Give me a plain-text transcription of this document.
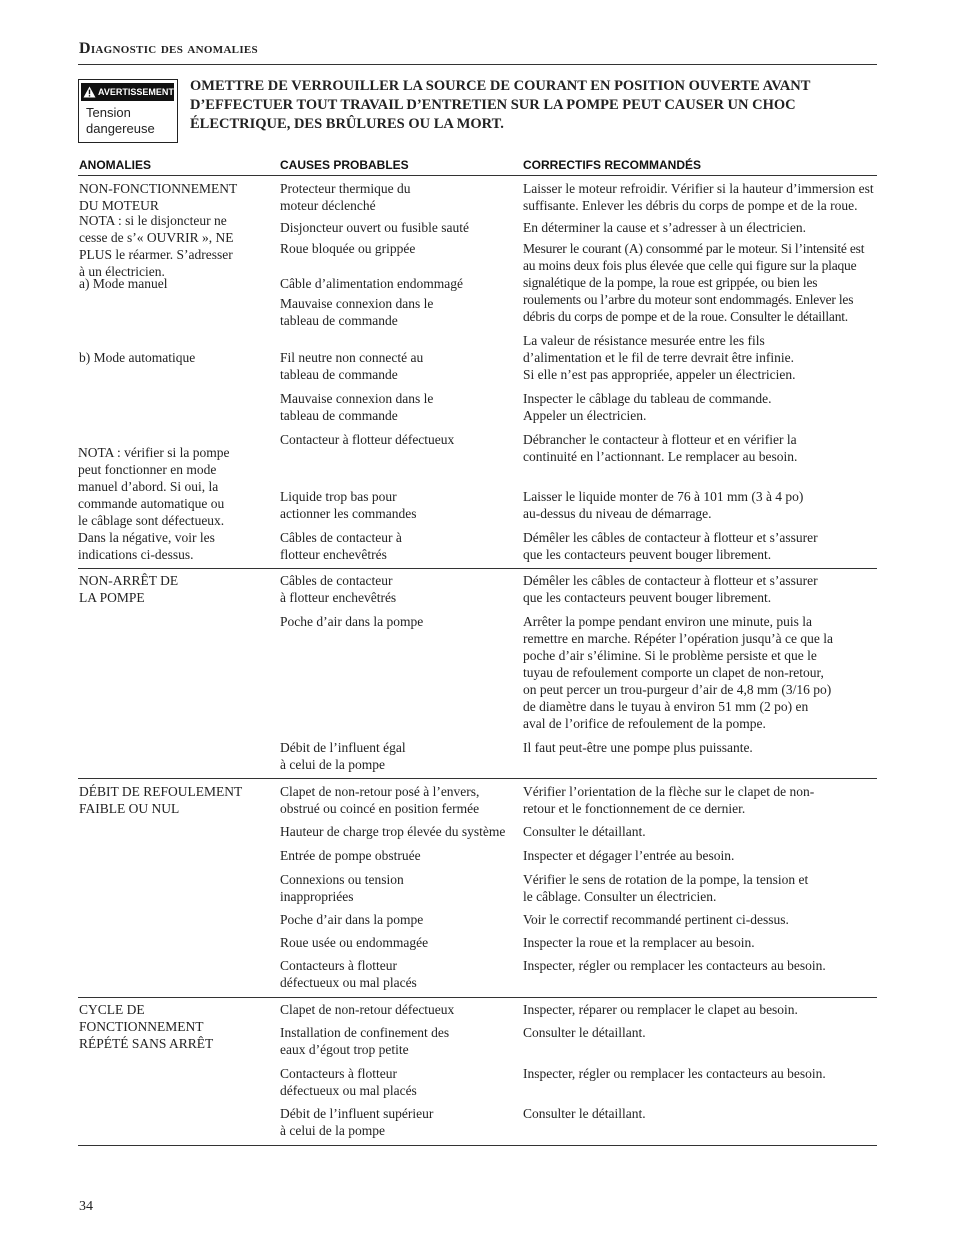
Diagnostic des anomalies
AVERTISSEMENT
Tension
dangereuse
OMETTRE DE VERROUILLER LA SOURCE DE COURANT EN POSITION OUVERTE AVANT D’EFFECTUER TOUT TRAVAIL D’ENTRETIEN SUR LA POMPE PEUT CAUSER UN CHOC ÉLECTRIQUE, DES BRÛLURES OU LA MORT.
ANOMALIES	CAUSES PROBABLES	CORRECTIFS RECOMMANDÉS
NON-FONCTIONNEMENT
DU MOTEUR
NOTA : si le disjoncteur ne
cesse de s’« OUVRIR », NE
PLUS le réarmer. S’adresser
à un électricien.
a) Mode manuel
b) Mode automatique
NOTA : vérifier si la pompe
peut fonctionner en mode
manuel d’abord. Si oui, la
commande automatique ou
le câblage sont défectueux.
Dans la négative, voir les
indications ci-dessus.
NON-ARRÊT DE
LA POMPE
DÉBIT DE REFOULEMENT
FAIBLE OU NUL
CYCLE DE
FONCTIONNEMENT
RÉPÉTÉ SANS ARRÊT
Protecteur thermique du
moteur déclenché
Disjoncteur ouvert ou fusible sauté
Roue bloquée ou grippée
Câble d’alimentation endommagé
Mauvaise connexion dans le
tableau de commande
Fil neutre non connecté au
tableau de commande
Mauvaise connexion dans le
tableau de commande
Contacteur à flotteur défectueux
Liquide trop bas pour
actionner les commandes
Câbles de contacteur à
flotteur enchevêtrés
Câbles de contacteur
à flotteur enchevêtrés
Poche d’air dans la pompe
Débit de l’influent égal
à celui de la pompe
Clapet de non-retour posé à l’envers,
obstrué ou coincé en position fermée
Hauteur de charge trop élevée du système
Entrée de pompe obstruée
Connexions ou tension
inappropriées
Poche d’air dans la pompe
Roue usée ou endommagée
Contacteurs à flotteur
défectueux ou mal placés
Clapet de non-retour défectueux
Installation de confinement des
eaux d’égout trop petite
Contacteurs à flotteur
défectueux ou mal placés
Débit de l’influent supérieur
à celui de la pompe
Laisser le moteur refroidir. Vérifier si la hauteur d’immersion est
suffisante. Enlever les débris du corps de pompe et de la roue.
En déterminer la cause et s’adresser à un électricien.
Mesurer le courant (A) consommé par le moteur. Si l’intensité est
au moins deux fois plus élevée que celle qui figure sur la plaque
signalétique de la pompe, la roue est grippée, ou bien les
roulements ou l’arbre du moteur sont endommagés. Enlever les
débris du corps de pompe et de la roue. Consulter le détaillant.
La valeur de résistance mesurée entre les fils
d’alimentation et le fil de terre devrait être infinie.
Si elle n’est pas appropriée, appeler un électricien.
Inspecter le câblage du tableau de commande.
Appeler un électricien.
Débrancher le contacteur à flotteur et en vérifier la
continuité en l’actionnant. Le remplacer au besoin.
Laisser le liquide monter de 76 à 101 mm (3 à 4 po)
au-dessus du niveau de démarrage.
Démêler les câbles de contacteur à flotteur et s’assurer
que les contacteurs peuvent bouger librement.
Démêler les câbles de contacteur à flotteur et s’assurer
que les contacteurs peuvent bouger librement.
Arrêter la pompe pendant environ une minute, puis la
remettre en marche. Répéter l’opération jusqu’à ce que la
poche d’air s’élimine. Si le problème persiste et que le
tuyau de refoulement comporte un clapet de non-retour,
on peut percer un trou-purgeur d’air de 4,8 mm (3/16 po)
de diamètre dans le tuyau à environ 51 mm (2 po) en
aval de l’orifice de refoulement de la pompe.
Il faut peut-être une pompe plus puissante.
Vérifier l’orientation de la flèche sur le clapet de non-
retour et le fonctionnement de ce dernier.
Consulter le détaillant.
Inspecter et dégager l’entrée au besoin.
Vérifier le sens de rotation de la pompe, la tension et
le câblage. Consulter un électricien.
Voir le correctif recommandé pertinent ci-dessus.
Inspecter la roue et la remplacer au besoin.
Inspecter, régler ou remplacer les contacteurs au besoin.
Inspecter, réparer ou remplacer le clapet au besoin.
Consulter le détaillant.
Inspecter, régler ou remplacer les contacteurs au besoin.
Consulter le détaillant.
34
